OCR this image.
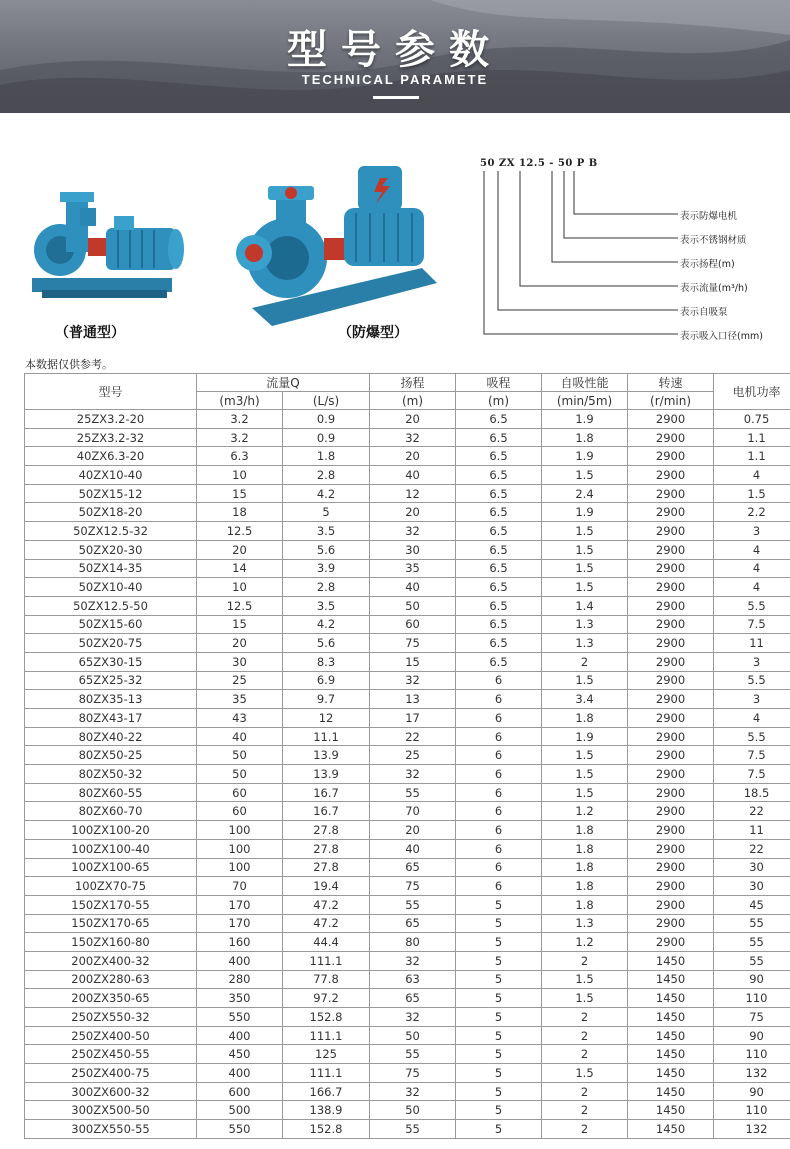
型号参数
TECHNICAL PARAMETE
（普通型）	（防爆型）
50 ZX 12.5 - 50 P B
表示防爆电机
表示不锈钢材质
表示扬程(m)
表示流量(m³/h)
表示自吸泵
表示吸入口径(mm)
本数据仅供参考。
型号	流量Q		扬程	吸程	自吸性能	转速	电机功率
	(m3/h)	(L/s)	(m)	(m)	(min/5m)	(r/min)	
25ZX3.2-20	3.2	0.9	20	6.5	1.9	2900	0.75
25ZX3.2-32	3.2	0.9	32	6.5	1.8	2900	1.1
40ZX6.3-20	6.3	1.8	20	6.5	1.9	2900	1.1
40ZX10-40	10	2.8	40	6.5	1.5	2900	4
50ZX15-12	15	4.2	12	6.5	2.4	2900	1.5
50ZX18-20	18	5	20	6.5	1.9	2900	2.2
50ZX12.5-32	12.5	3.5	32	6.5	1.5	2900	3
50ZX20-30	20	5.6	30	6.5	1.5	2900	4
50ZX14-35	14	3.9	35	6.5	1.5	2900	4
50ZX10-40	10	2.8	40	6.5	1.5	2900	4
50ZX12.5-50	12.5	3.5	50	6.5	1.4	2900	5.5
50ZX15-60	15	4.2	60	6.5	1.3	2900	7.5
50ZX20-75	20	5.6	75	6.5	1.3	2900	11
65ZX30-15	30	8.3	15	6.5	2	2900	3
65ZX25-32	25	6.9	32	6	1.5	2900	5.5
80ZX35-13	35	9.7	13	6	3.4	2900	3
80ZX43-17	43	12	17	6	1.8	2900	4
80ZX40-22	40	11.1	22	6	1.9	2900	5.5
80ZX50-25	50	13.9	25	6	1.5	2900	7.5
80ZX50-32	50	13.9	32	6	1.5	2900	7.5
80ZX60-55	60	16.7	55	6	1.5	2900	18.5
80ZX60-70	60	16.7	70	6	1.2	2900	22
100ZX100-20	100	27.8	20	6	1.8	2900	11
100ZX100-40	100	27.8	40	6	1.8	2900	22
100ZX100-65	100	27.8	65	6	1.8	2900	30
100ZX70-75	70	19.4	75	6	1.8	2900	30
150ZX170-55	170	47.2	55	5	1.8	2900	45
150ZX170-65	170	47.2	65	5	1.3	2900	55
150ZX160-80	160	44.4	80	5	1.2	2900	55
200ZX400-32	400	111.1	32	5	2	1450	55
200ZX280-63	280	77.8	63	5	1.5	1450	90
200ZX350-65	350	97.2	65	5	1.5	1450	110
250ZX550-32	550	152.8	32	5	2	1450	75
250ZX400-50	400	111.1	50	5	2	1450	90
250ZX450-55	450	125	55	5	2	1450	110
250ZX400-75	400	111.1	75	5	1.5	1450	132
300ZX600-32	600	166.7	32	5	2	1450	90
300ZX500-50	500	138.9	50	5	2	1450	110
300ZX550-55	550	152.8	55	5	2	1450	132
